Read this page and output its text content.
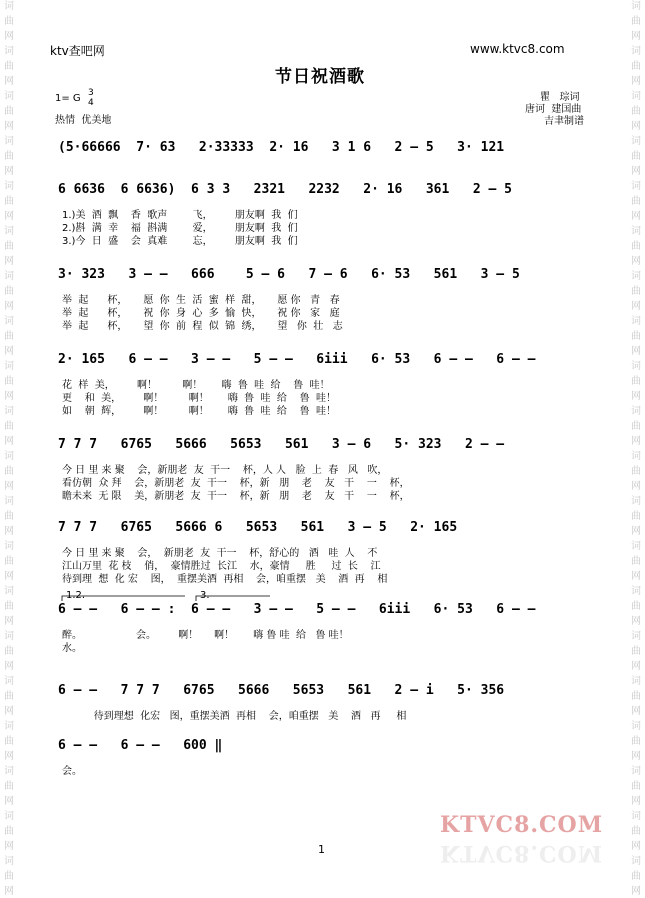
词
曲
网
词
曲
网
词
曲
网
词
曲
网
词
曲
网
词
曲
网
词
曲
网
词
曲
网
词
曲
网
词
曲
网
词
曲
网
词
曲
网
词
曲
网
词
曲
网
词
曲
网
词
曲
网
词
曲
网
词
曲
网
词
曲
网
词
曲
网
词
曲
网
词
曲
网
词
曲
网
词
曲
网
词
曲
网
词
曲
网
词
曲
网
词
曲
网
词
曲
网
词
曲
网
词
曲
网
词
曲
网
词
曲
网
词
曲
网
词
曲
网
词
曲
网
词
曲
网
词
曲
网
词
曲
网
词
曲
网
ktv查吧网	www.ktvc8.com
节日祝酒歌
1= G 3
4
热情  优美地
瞿   琮词
唐诃  建国曲
吉聿制谱
(5·66666  7· 63   2·33333  2· 16   3 1 6   2 — 5   3· 121
6 6636  6 6636)  6 3 3   2321   2232   2· 16   361   2 — 5
1.)美  酒  飘    香  歌声        飞，       朋友啊  我  们
2.)斟  满  幸    福  斟满        爱，       朋友啊  我  们
3.)今  日  盛    会  真难        忘，       朋友啊  我  们
3· 323   3 — —   666    5 — 6   7 — 6   6· 53   561   3 — 5
举  起      杯，     愿  你  生  活  蜜  样  甜，     愿 你   青   春
举  起      杯，     祝  你  身  心  多  愉  快，     祝 你   家   庭
举  起      杯，     望  你  前  程  似  锦  绣，     望   你  壮   志
2· 165   6 — —   3 — —   5 — —   6iii   6· 53   6 — —   6 — —
花  样  美，       啊！        啊！      嗨  鲁  哇  给    鲁  哇！
更    和  美，       啊！        啊！      嗨  鲁  哇  给    鲁  哇！
如    朝  辉，       啊！        啊！      嗨  鲁  哇  给    鲁  哇！
7 7 7   6765   5666   5653   561   3 — 6   5· 323   2 — —
今 日 里 来 聚    会，新朋老  友  干一    杯，人 人   脸  上  春   风   吹，
看仿朝  众 拜    会，新朋老  友  干一    杯，新   朋    老    友   干    一    杯，
瞻未来  无 限    美，新朋老  友  干一    杯，新   朋    老    友   干    一    杯，
7 7 7   6765   5666 6   5653   561   3 — 5   2· 165
今 日 里 来 聚    会，  新朋老  友  干一    杯，舒心的   酒   哇  人    不
江山万里  花 枝    俏，  豪情胜过  长江    水，豪情     胜     过  长    江
待到理  想  化 宏    图，  重摆美酒  再相    会，咱重摆   美    酒  再    相
6 — —   6 — — :  6 — —   3 — —   5 — —   6iii   6· 53   6 — —
醉。                 会。       啊！     啊！      嗨 鲁 哇  给   鲁 哇！
水。
1.2.	3.
6 — —   7 7 7   6765   5666   5653   561   2 — i   5· 356
待到理想  化宏   图，重摆美酒  再相    会，咱重摆   美    酒   再     相
6 — —   6 — —   600 ‖
会。
1
KTVC8.COM
KTVC8.COM
